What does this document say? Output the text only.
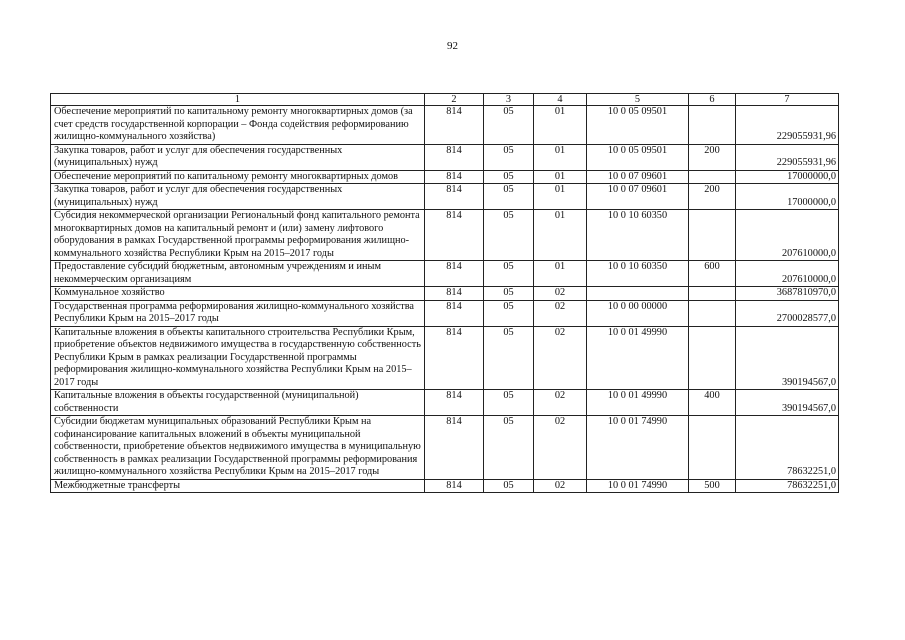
92
1	2	3	4	5	6	7
Обеспечение мероприятий по капитальному ремонту многоквартирных домов (за счет средств государственной корпорации – Фонда содействия реформированию жилищно-коммунального хозяйства)	814	05	01	10 0 05 09501		229055931,96
Закупка товаров, работ и услуг для обеспечения государственных (муниципальных) нужд	814	05	01	10 0 05 09501	200	229055931,96
Обеспечение мероприятий по капитальному ремонту многоквартирных домов	814	05	01	10 0 07 09601		17000000,0
Закупка товаров, работ и услуг для обеспечения государственных (муниципальных) нужд	814	05	01	10 0 07 09601	200	17000000,0
Субсидия некоммерческой организации Региональный фонд капитального ремонта многоквартирных домов на капитальный ремонт и (или) замену лифтового оборудования в рамках Государственной программы реформирования жилищно-коммунального хозяйства Республики Крым на 2015–2017 годы	814	05	01	10 0 10 60350		207610000,0
Предоставление субсидий бюджетным, автономным учреждениям и иным некоммерческим организациям	814	05	01	10 0 10 60350	600	207610000,0
Коммунальное хозяйство	814	05	02			3687810970,0
Государственная программа реформирования жилищно-коммунального хозяйства Республики Крым на 2015–2017 годы	814	05	02	10 0 00 00000		2700028577,0
Капитальные вложения в объекты капитального строительства Республики Крым, приобретение объектов недвижимого имущества в государственную собственность Республики Крым в рамках реализации Государственной программы реформирования жилищно-коммунального хозяйства Республики Крым на 2015–2017 годы	814	05	02	10 0 01 49990		390194567,0
Капитальные вложения в объекты государственной (муниципальной) собственности	814	05	02	10 0 01 49990	400	390194567,0
Субсидии бюджетам муниципальных образований Республики Крым на софинансирование капитальных вложений в объекты муниципальной собственности, приобретение объектов недвижимого имущества в муниципальную собственность в рамках реализации Государственной программы реформирования жилищно-коммунального хозяйства Республики Крым на 2015–2017 годы	814	05	02	10 0 01 74990		78632251,0
Межбюджетные трансферты	814	05	02	10 0 01 74990	500	78632251,0
